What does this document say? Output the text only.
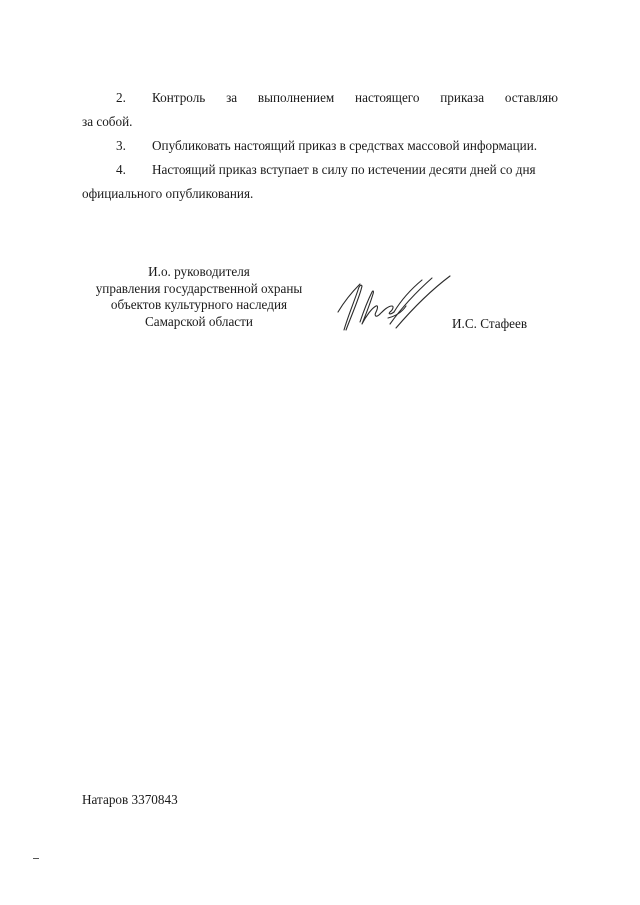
2.	Контроль за выполнением настоящего приказа оставляю
за собой.
3. Опубликовать настоящий приказ в средствах массовой информации.
4. Настоящий приказ вступает в силу по истечении десяти дней со дня
официального опубликования.
И.о. руководителя
управления государственной охраны
объектов культурного наследия
Самарской области	И.С. Стафеев
Натаров 3370843
